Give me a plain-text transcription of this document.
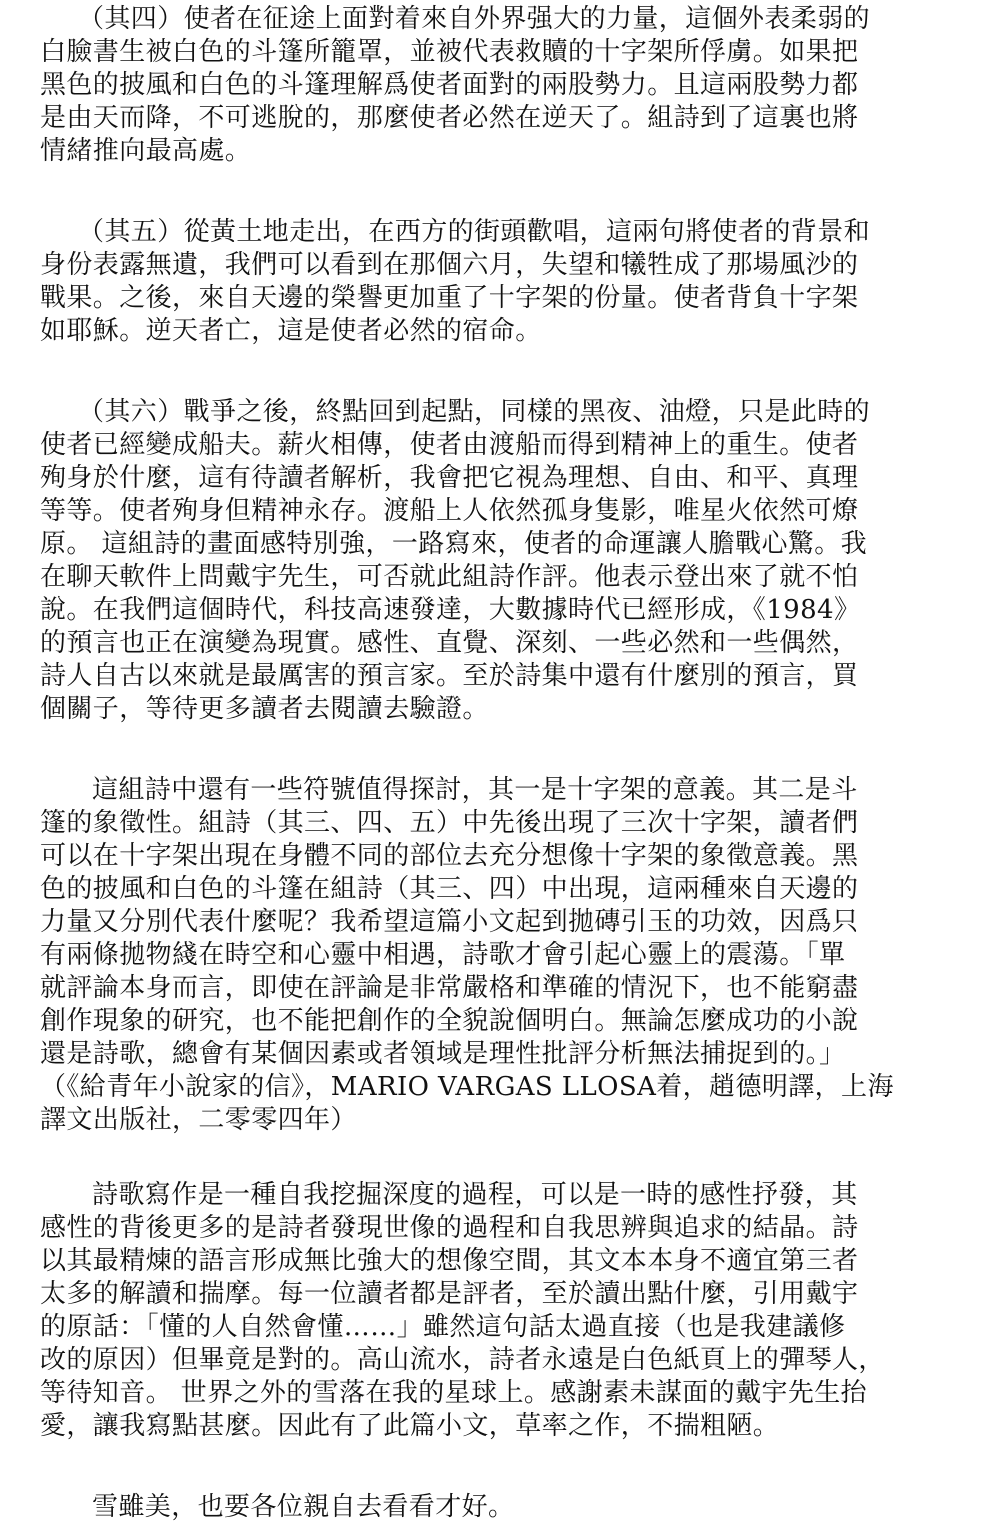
（其四）使者在征途上面對着來自外界强大的力量，這個外表柔弱的
白臉書生被白色的斗篷所籠罩，並被代表救贖的十字架所俘虜。如果把
黑色的披風和白色的斗篷理解爲使者面對的兩股勢力。且這兩股勢力都
是由天而降，不可逃脫的，那麼使者必然在逆天了。組詩到了這裏也將
情緒推向最高處。

（其五）從黃土地走出，在西方的街頭歡唱，這兩句將使者的背景和
身份表露無遺，我們可以看到在那個六月，失望和犧牲成了那場風沙的
戰果。之後，來自天邊的榮譽更加重了十字架的份量。使者背負十字架
如耶穌。逆天者亡，這是使者必然的宿命。

（其六）戰爭之後，終點回到起點，同樣的黑夜、油燈，只是此時的
使者已經變成船夫。薪火相傳，使者由渡船而得到精神上的重生。使者
殉身於什麼，這有待讀者解析，我會把它視為理想、自由、和平、真理
等等。使者殉身但精神永存。渡船上人依然孤身隻影，唯星火依然可燎
原。 這組詩的畫面感特別強，一路寫來，使者的命運讓人膽戰心驚。我
在聊天軟件上問戴宇先生，可否就此組詩作評。他表示登出來了就不怕
說。在我們這個時代，科技高速發達，大數據時代已經形成，《1984》
的預言也正在演變為現實。感性、直覺、深刻、一些必然和一些偶然，
詩人自古以來就是最厲害的預言家。至於詩集中還有什麼別的預言，買
個關子，等待更多讀者去閱讀去驗證。

這組詩中還有一些符號值得探討，其一是十字架的意義。其二是斗
篷的象徵性。組詩（其三、四、五）中先後出現了三次十字架，讀者們
可以在十字架出現在身體不同的部位去充分想像十字架的象徵意義。黑
色的披風和白色的斗篷在組詩（其三、四）中出現，這兩種來自天邊的
力量又分別代表什麼呢？我希望這篇小文起到拋磚引玉的功效，因爲只
有兩條拋物綫在時空和心靈中相遇，詩歌才會引起心靈上的震蕩。「單
就評論本身而言，即使在評論是非常嚴格和準確的情況下，也不能窮盡
創作現象的研究，也不能把創作的全貌說個明白。無論怎麼成功的小說
還是詩歌，總會有某個因素或者領域是理性批評分析無法捕捉到的。」
（《給青年小說家的信》，MARIO VARGAS LLOSA着，趙德明譯，上海
譯文出版社，二零零四年）

詩歌寫作是一種自我挖掘深度的過程，可以是一時的感性抒發，其
感性的背後更多的是詩者發現世像的過程和自我思辨與追求的結晶。詩
以其最精煉的語言形成無比強大的想像空間，其文本本身不適宜第三者
太多的解讀和揣摩。每一位讀者都是評者，至於讀出點什麼，引用戴宇
的原話：「懂的人自然會懂……」雖然這句話太過直接（也是我建議修
改的原因）但畢竟是對的。高山流水，詩者永遠是白色紙頁上的彈琴人，
等待知音。 世界之外的雪落在我的星球上。感謝素未謀面的戴宇先生抬
愛，讓我寫點甚麼。因此有了此篇小文，草率之作，不揣粗陋。

雪雖美，也要各位親自去看看才好。
